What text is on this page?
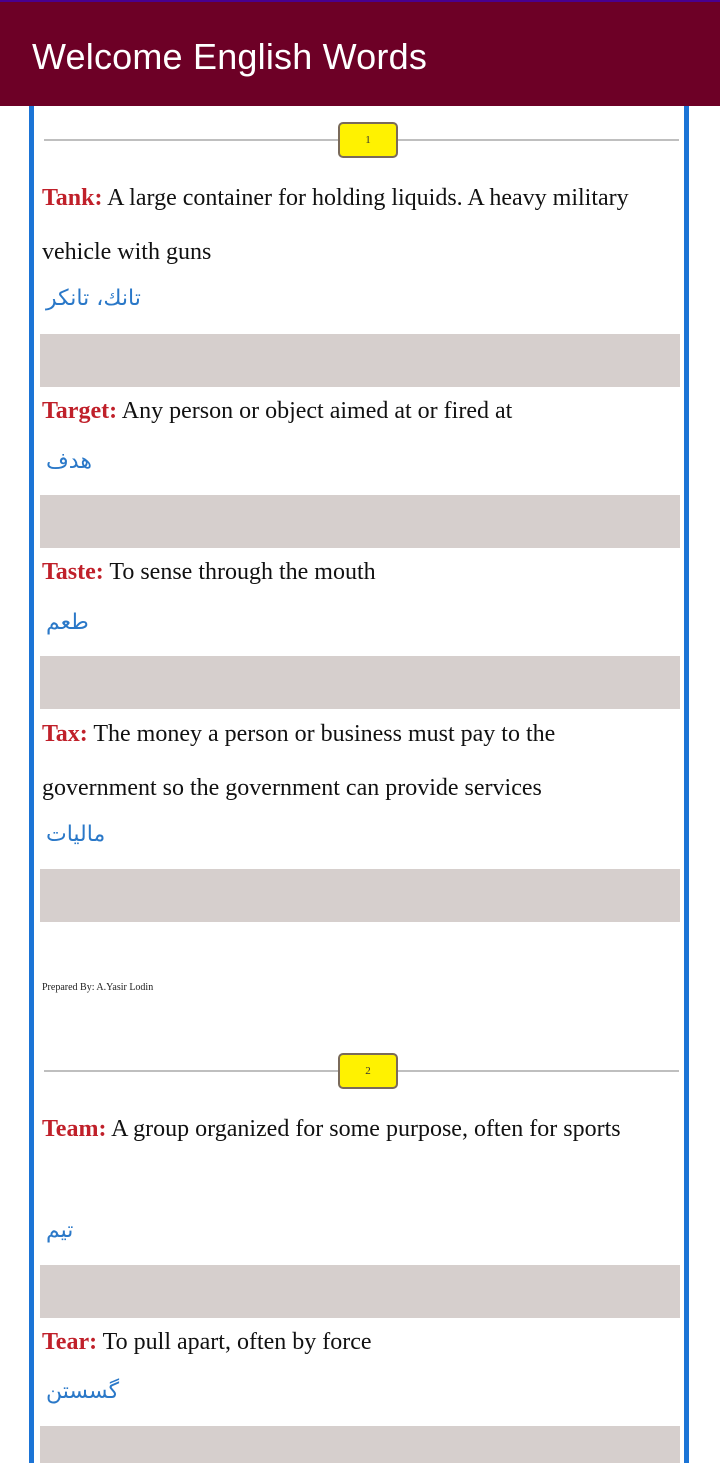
Welcome English Words
1
Tank: A large container for holding liquids. A heavy military vehicle with guns
تانك، تانكر
Target: Any person or object aimed at or fired at
هدف
Taste: To sense through the mouth
طعم
Tax: The money a person or business must pay to the government so the government can provide services
ماليات
Prepared By: A.Yasir Lodin
2
Team: A group organized for some purpose, often for sports
تیم
Tear: To pull apart, often by force
گسستن
